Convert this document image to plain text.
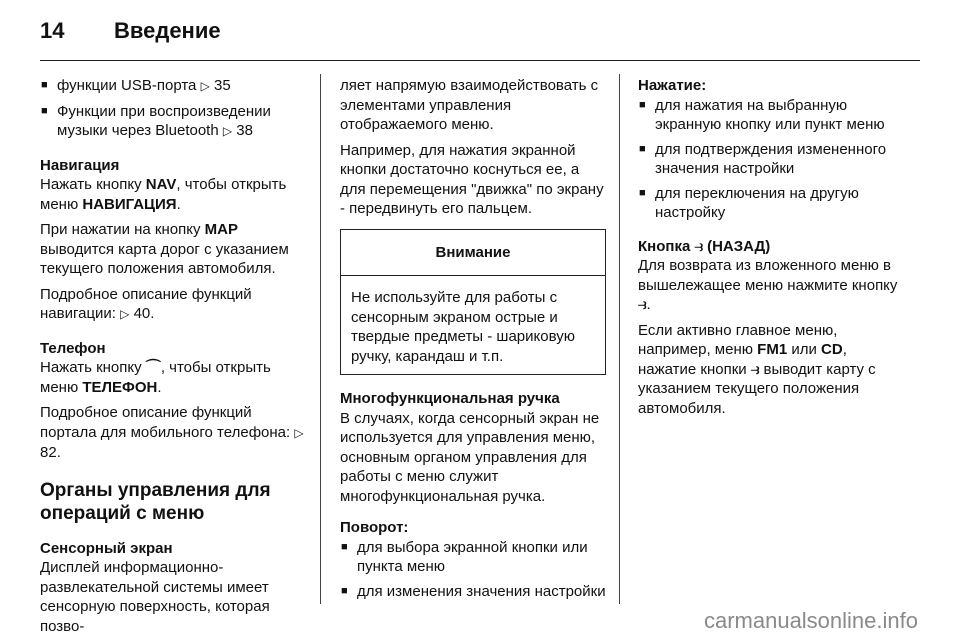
14 Введение
■ функции USB-порта ▷ 35
■ Функции при воспроизведении музыки через Bluetooth ▷ 38

Навигация

Нажать кнопку NAV, чтобы открыть меню НАВИГАЦИЯ.

При нажатии на кнопку MAP выводится карта дорог с указанием текущего положения автомобиля.

Подробное описание функций навигации: ▷ 40.

Телефон

Нажать кнопку ⌒, чтобы открыть меню ТЕЛЕФОН.

Подробное описание функций портала для мобильного телефона: ▷ 82.

Органы управления для операций с меню

Сенсорный экран

Дисплей информационно-развлекательной системы имеет сенсорную поверхность, которая позво-

ляет напрямую взаимодействовать с элементами управления отображаемого меню.

Например, для нажатия экранной кнопки достаточно коснуться ее, а для перемещения "движка" по экрану - передвинуть его пальцем.

Внимание
Не используйте для работы с сенсорным экраном острые и твердые предметы - шариковую ручку, карандаш и т.п.

Многофункциональная ручка

В случаях, когда сенсорный экран не используется для управления меню, основным органом управления для работы с меню служит многофункциональная ручка.

Поворот:

■ для выбора экранной кнопки или пункта меню
■ для изменения значения настройки

Нажатие:

■ для нажатия на выбранную экранную кнопку или пункт меню
■ для подтверждения измененного значения настройки
■ для переключения на другую настройку

Кнопка ⥽ (НАЗАД)

Для возврата из вложенного меню в вышележащее меню нажмите кнопку ⥽.

Если активно главное меню, например, меню FM1 или CD, нажатие кнопки ⥽ выводит карту с указанием текущего положения автомобиля.

carmanualsonline.info
